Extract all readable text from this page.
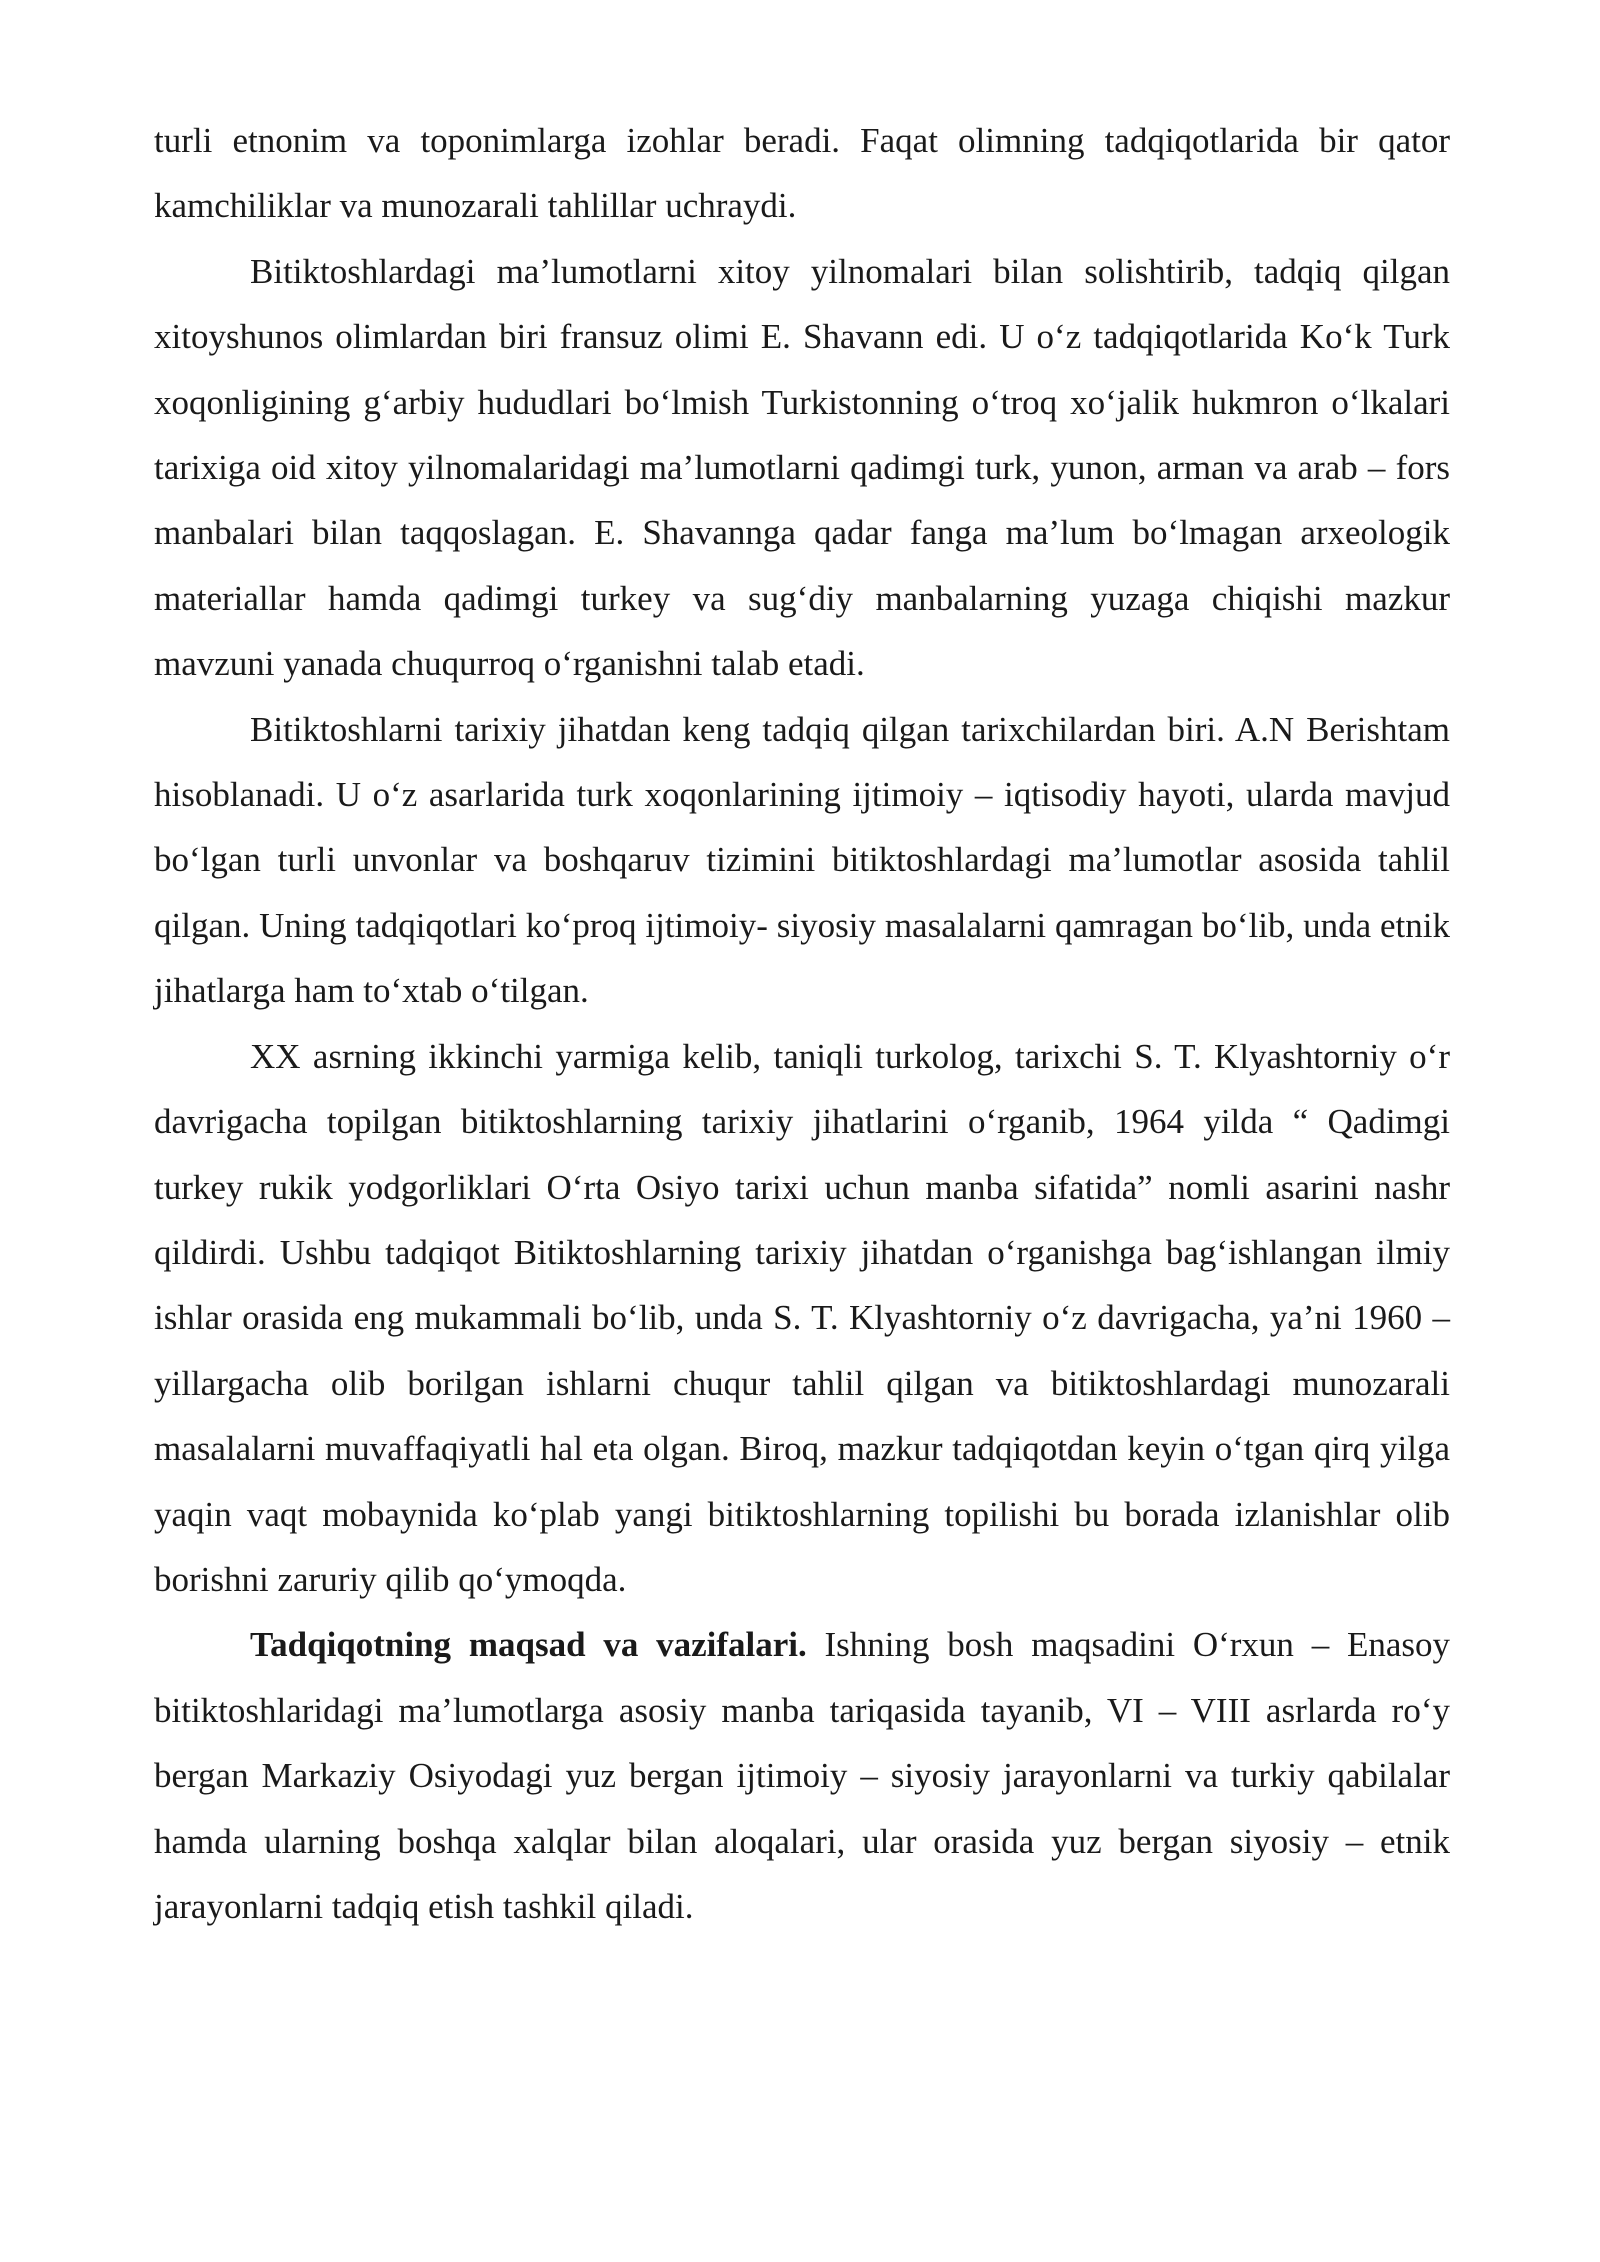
turli etnonim va toponimlarga izohlar beradi. Faqat olimning tadqiqotlarida bir qator kamchiliklar va munozarali tahlillar uchraydi.

Bitiktoshlardagi ma’lumotlarni xitoy yilnomalari bilan solishtirib, tadqiq qilgan xitoyshunos olimlardan biri fransuz olimi E. Shavann edi. U o‘z tadqiqotlarida Ko‘k Turk xoqonligining g‘arbiy hududlari bo‘lmish Turkistonning o‘troq xo‘jalik hukmron o‘lkalari tarixiga oid xitoy yilnomalaridagi ma’lumotlarni qadimgi turk, yunon, arman va arab – fors manbalari bilan taqqoslagan. E. Shavannga qadar fanga ma’lum bo‘lmagan arxeologik materiallar hamda qadimgi turkey va sug‘diy manbalarning yuzaga chiqishi mazkur mavzuni yanada chuqurroq o‘rganishni talab etadi.

Bitiktoshlarni tarixiy jihatdan keng tadqiq qilgan tarixchilardan biri. A.N Berishtam hisoblanadi. U o‘z asarlarida turk xoqonlarining ijtimoiy – iqtisodiy hayoti, ularda mavjud bo‘lgan turli unvonlar va boshqaruv tizimini bitiktoshlardagi ma’lumotlar asosida tahlil qilgan. Uning tadqiqotlari ko‘proq ijtimoiy- siyosiy masalalarni qamragan bo‘lib, unda etnik jihatlarga ham to‘xtab o‘tilgan.

XX asrning ikkinchi yarmiga kelib, taniqli turkolog, tarixchi S. T. Klyashtorniy o‘r davrigacha topilgan bitiktoshlarning tarixiy jihatlarini o‘rganib, 1964 yilda “ Qadimgi turkey rukik yodgorliklari O‘rta Osiyo tarixi uchun manba sifatida” nomli asarini nashr qildirdi. Ushbu tadqiqot Bitiktoshlarning tarixiy jihatdan o‘rganishga bag‘ishlangan ilmiy ishlar orasida eng mukammali bo‘lib, unda S. T. Klyashtorniy o‘z davrigacha, ya’ni 1960 – yillargacha olib borilgan ishlarni chuqur tahlil qilgan va bitiktoshlardagi munozarali masalalarni muvaffaqiyatli hal eta olgan. Biroq, mazkur tadqiqotdan keyin o‘tgan qirq yilga yaqin vaqt mobaynida ko‘plab yangi bitiktoshlarning topilishi bu borada izlanishlar olib borishni zaruriy qilib qo‘ymoqda.

Tadqiqotning maqsad va vazifalari. Ishning bosh maqsadini O‘rxun – Enasoy bitiktoshlaridagi ma’lumotlarga asosiy manba tariqasida tayanib, VI – VIII asrlarda ro‘y bergan Markaziy Osiyodagi yuz bergan ijtimoiy – siyosiy jarayonlarni va turkiy qabilalar hamda ularning boshqa xalqlar bilan aloqalari, ular orasida yuz bergan siyosiy – etnik jarayonlarni tadqiq etish tashkil qiladi.
